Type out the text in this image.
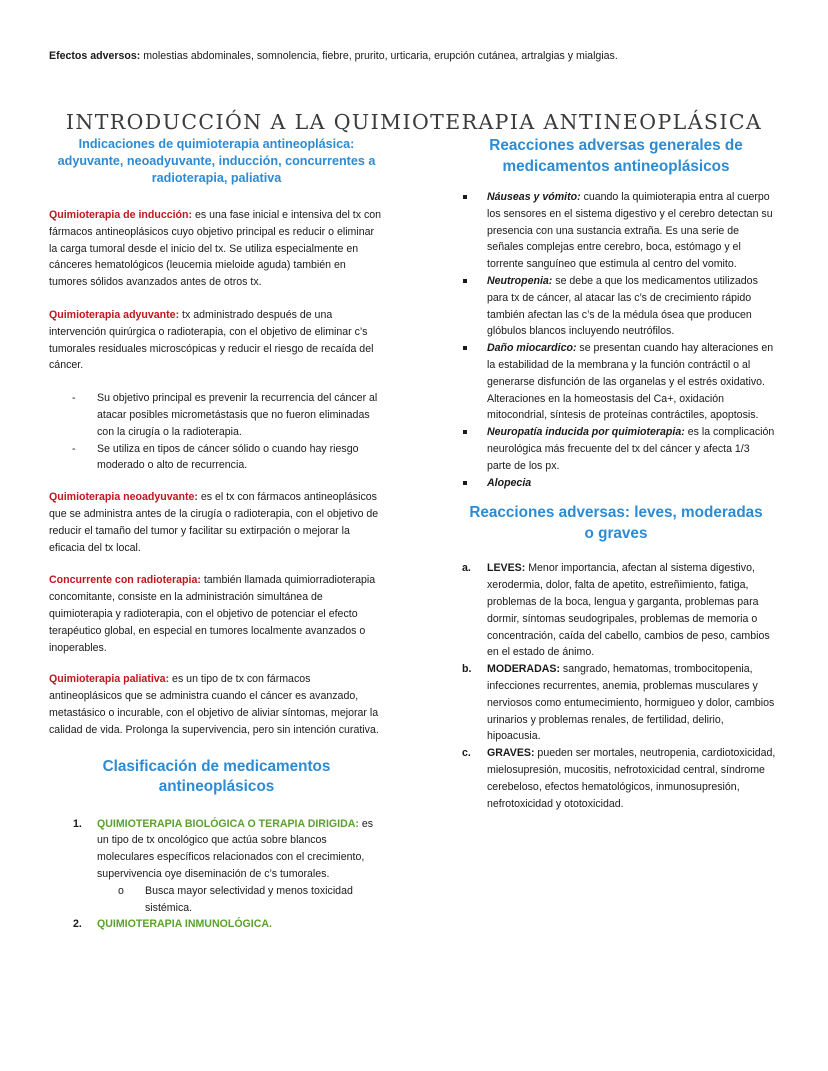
Efectos adversos: molestias abdominales, somnolencia, fiebre, prurito, urticaria, erupción cutánea, artralgias y mialgias.

INTRODUCCIÓN A LA QUIMIOTERAPIA ANTINEOPLÁSICA
Indicaciones de quimioterapia antineoplásica: adyuvante, neoadyuvante, inducción, concurrentes a radioterapia, paliativa

Quimioterapia de inducción: es una fase inicial e intensiva del tx con fármacos antineoplásicos cuyo objetivo principal es reducir o eliminar la carga tumoral desde el inicio del tx. Se utiliza especialmente en cánceres hematológicos (leucemia mieloide aguda) también en tumores sólidos avanzados antes de otros tx.

Quimioterapia adyuvante: tx administrado después de una intervención quirúrgica o radioterapia, con el objetivo de eliminar c’s tumorales residuales microscópicas y reducir el riesgo de recaída del cáncer.

- Su objetivo principal es prevenir la recurrencia del cáncer al atacar posibles micrometástasis que no fueron eliminadas con la cirugía o la radioterapia.
- Se utiliza en tipos de cáncer sólido o cuando hay riesgo moderado o alto de recurrencia.

Quimioterapia neoadyuvante: es el tx con fármacos antineoplásicos que se administra antes de la cirugía o radioterapia, con el objetivo de reducir el tamaño del tumor y facilitar su extirpación o mejorar la eficacia del tx local.

Concurrente con radioterapia: también llamada quimiorradioterapia concomitante, consiste en la administración simultánea de quimioterapia y radioterapia, con el objetivo de potenciar el efecto terapéutico global, en especial en tumores localmente avanzados o inoperables.

Quimioterapia paliativa: es un tipo de tx con fármacos antineoplásicos que se administra cuando el cáncer es avanzado, metastásico o incurable, con el objetivo de aliviar síntomas, mejorar la calidad de vida. Prolonga la supervivencia, pero sin intención curativa.

Clasificación de medicamentos antineoplásicos
1. QUIMIOTERAPIA BIOLÓGICA O TERAPIA DIRIGIDA: es un tipo de tx oncológico que actúa sobre blancos moleculares específicos relacionados con el crecimiento, supervivencia oye diseminación de c’s tumorales.
o Busca mayor selectividad y menos toxicidad sistémica.
2. QUIMIOTERAPIA INMUNOLÓGICA.
Reacciones adversas generales de medicamentos antineoplásicos
Náuseas y vómito: cuando la quimioterapia entra al cuerpo los sensores en el sistema digestivo y el cerebro detectan su presencia con una sustancia extraña. Es una serie de señales complejas entre cerebro, boca, estómago y el torrente sanguíneo que estimula al centro del vomito.
Neutropenia: se debe a que los medicamentos utilizados para tx de cáncer, al atacar las c’s de crecimiento rápido también afectan las c’s de la médula ósea que producen glóbulos blancos incluyendo neutrófilos.
Daño miocardico: se presentan cuando hay alteraciones en la estabilidad de la membrana y la función contráctil o al generarse disfunción de las organelas y el estrés oxidativo. Alteraciones en la homeostasis del Ca+, oxidación mitocondrial, síntesis de proteínas contráctiles, apoptosis.
Neuropatía inducida por quimioterapia: es la complicación neurológica más frecuente del tx del cáncer y afecta 1/3 parte de los px.
Alopecia
Reacciones adversas: leves, moderadas o graves
a. LEVES: Menor importancia, afectan al sistema digestivo, xerodermia, dolor, falta de apetito, estreñimiento, fatiga, problemas de la boca, lengua y garganta, problemas para dormir, síntomas seudogripales, problemas de memoria o concentración, caída del cabello, cambios de peso, cambios en el estado de ánimo.
b. MODERADAS: sangrado, hematomas, trombocitopenia, infecciones recurrentes, anemia, problemas musculares y nerviosos como entumecimiento, hormigueo y dolor, cambios urinarios y problemas renales, de fertilidad, delirio, hipoacusia.
c. GRAVES: pueden ser mortales, neutropenia, cardiotoxicidad, mielosupresión, mucositis, nefrotoxicidad central, síndrome cerebeloso, efectos hematológicos, inmunosupresión, nefrotoxicidad y ototoxicidad.
